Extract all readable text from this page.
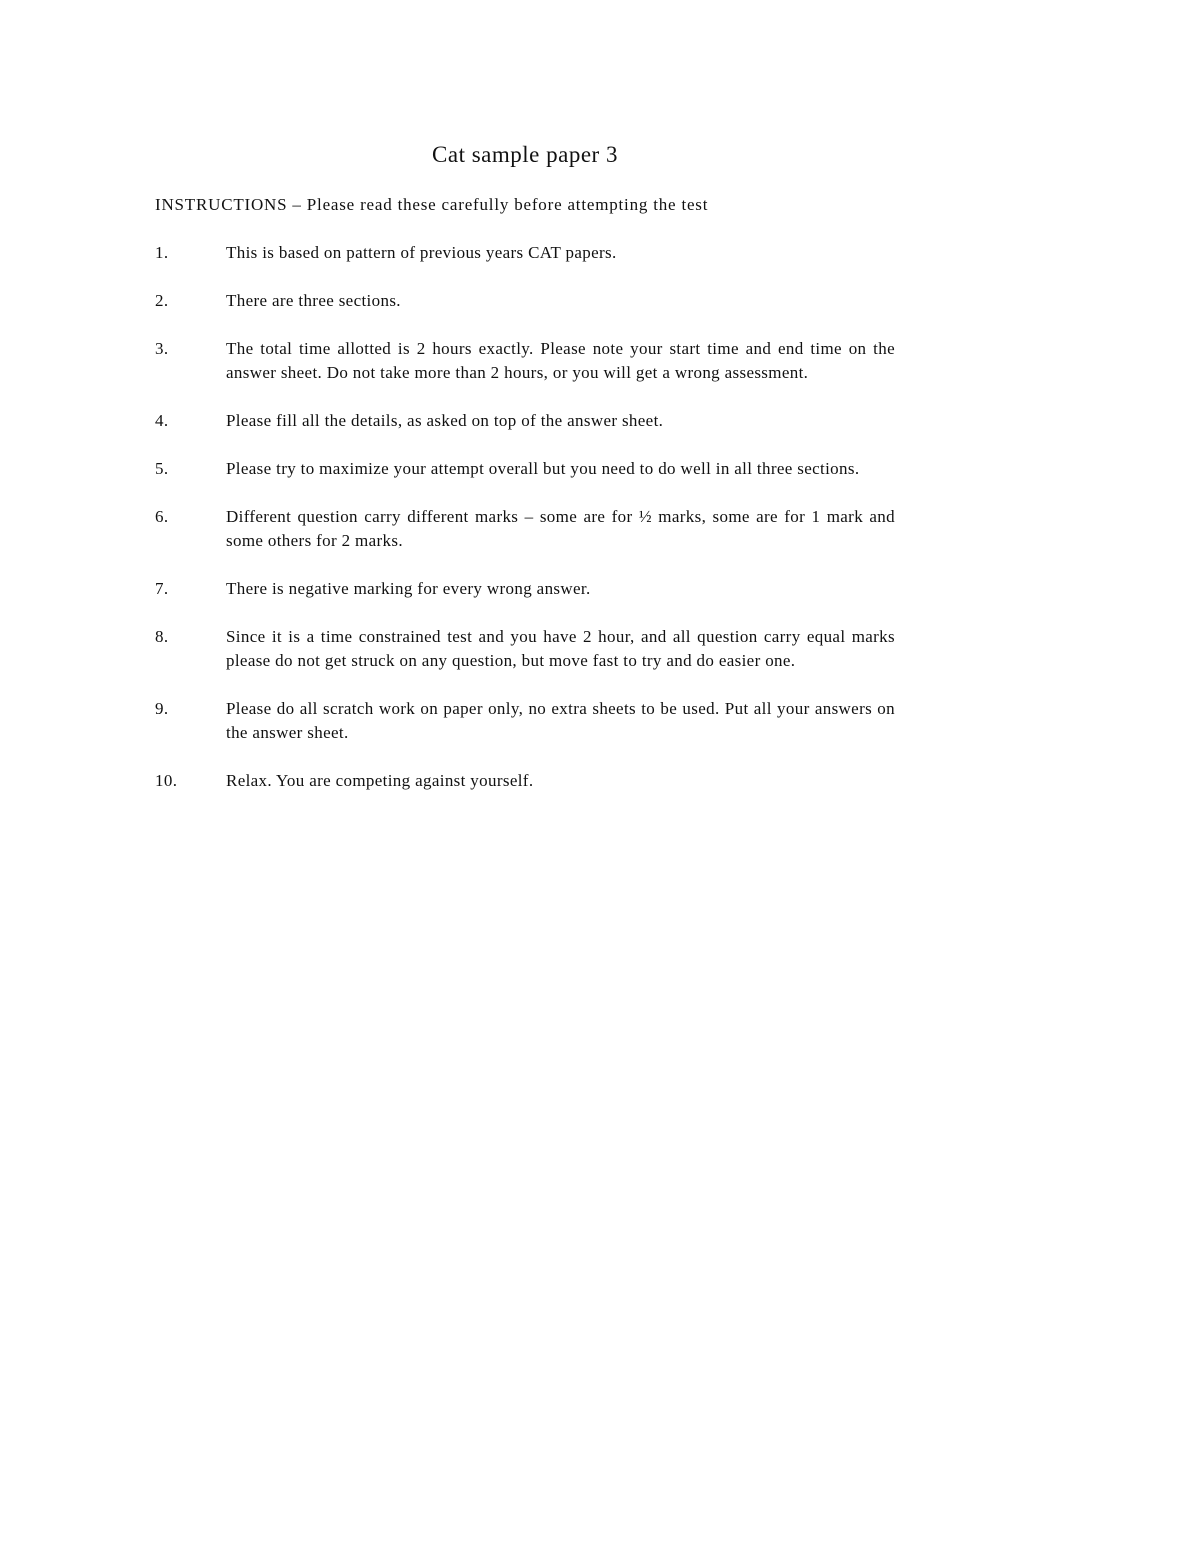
Cat sample paper 3
INSTRUCTIONS – Please read these carefully before attempting the test
1.	This is based on pattern of previous years CAT papers.
2.	There are three sections.
3.	The total time allotted is 2 hours exactly. Please note your start time and end time on the answer sheet. Do not take more than 2 hours, or you will get a wrong assessment.
4.	Please fill all the details, as asked on top of the answer sheet.
5.	Please try to maximize your attempt overall but you need to do well in all three sections.
6.	Different question carry different marks – some are for ½ marks, some are for 1 mark and some others for 2 marks.
7.	There is negative marking for every wrong answer.
8.	Since it is a time constrained test and you have 2 hour, and all question carry equal marks please do not get struck on any question, but move fast to try and do easier one.
9.	Please do all scratch work on paper only, no extra sheets to be used. Put all your answers on the answer sheet.
10.	Relax. You are competing against yourself.
